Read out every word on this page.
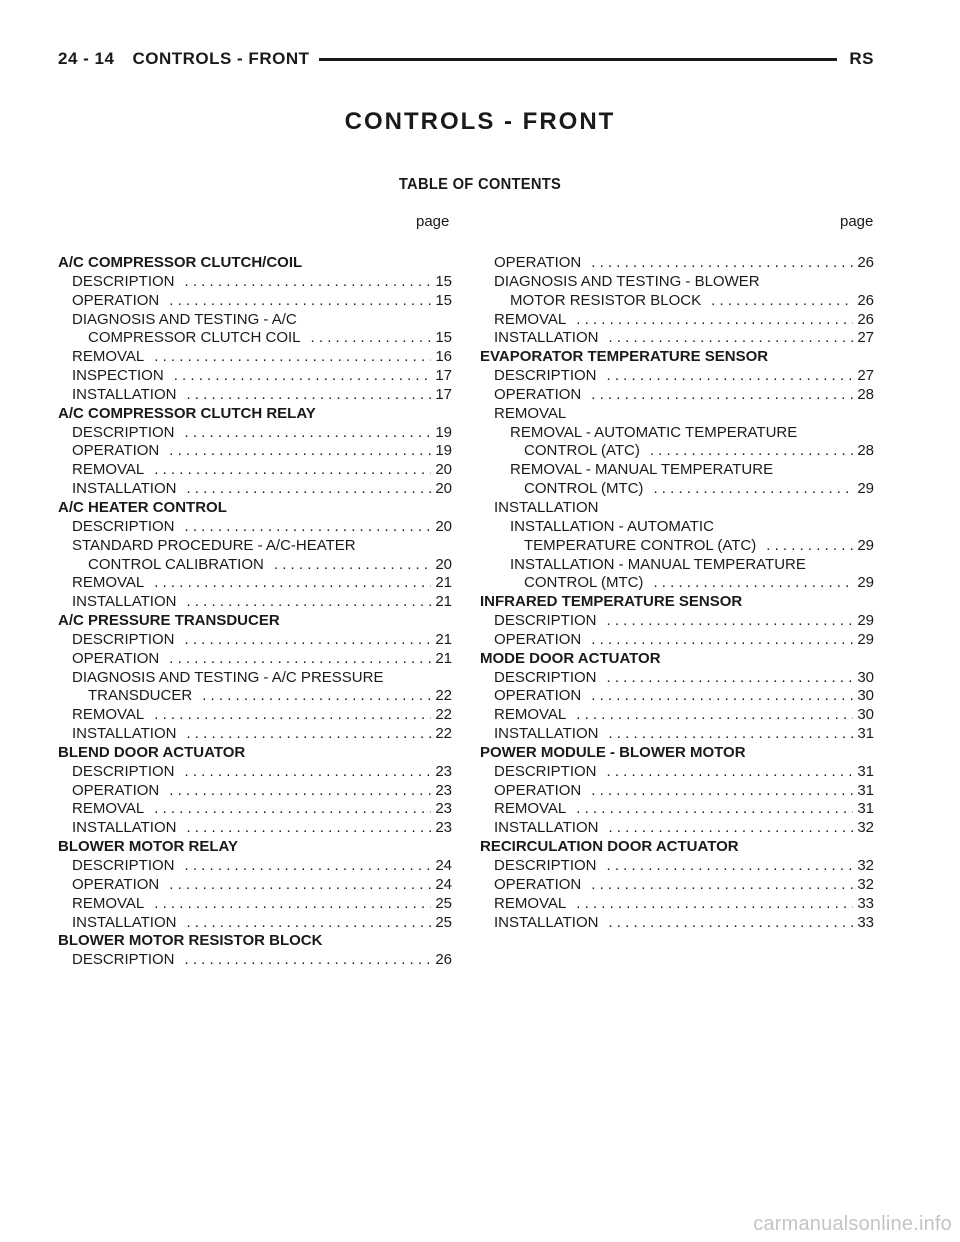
24 - 14 CONTROLS - FRONT	RS
CONTROLS - FRONT
TABLE OF CONTENTS
page	page
A/C COMPRESSOR CLUTCH/COIL
DESCRIPTION . . .	15
OPERATION . . .	15
DIAGNOSIS AND TESTING - A/C
COMPRESSOR CLUTCH COIL . . .	15
REMOVAL . . .	16
INSPECTION . . .	17
INSTALLATION . . .	17
A/C COMPRESSOR CLUTCH RELAY
DESCRIPTION . . .	19
OPERATION . . .	19
REMOVAL . . .	20
INSTALLATION . . .	20
A/C HEATER CONTROL
DESCRIPTION . . .	20
STANDARD PROCEDURE - A/C-HEATER
CONTROL CALIBRATION . . .	20
REMOVAL . . .	21
INSTALLATION . . .	21
A/C PRESSURE TRANSDUCER
DESCRIPTION . . .	21
OPERATION . . .	21
DIAGNOSIS AND TESTING - A/C PRESSURE
TRANSDUCER . . .	22
REMOVAL . . .	22
INSTALLATION . . .	22
BLEND DOOR ACTUATOR
DESCRIPTION . . .	23
OPERATION . . .	23
REMOVAL . . .	23
INSTALLATION . . .	23
BLOWER MOTOR RELAY
DESCRIPTION . . .	24
OPERATION . . .	24
REMOVAL . . .	25
INSTALLATION . . .	25
BLOWER MOTOR RESISTOR BLOCK
DESCRIPTION . . .	26
OPERATION . . .	26
DIAGNOSIS AND TESTING - BLOWER
MOTOR RESISTOR BLOCK . . .	26
REMOVAL . . .	26
INSTALLATION . . .	27
EVAPORATOR TEMPERATURE SENSOR
DESCRIPTION . . .	27
OPERATION . . .	28
REMOVAL
REMOVAL - AUTOMATIC TEMPERATURE
CONTROL (ATC) . . .	28
REMOVAL - MANUAL TEMPERATURE
CONTROL (MTC) . . .	29
INSTALLATION
INSTALLATION - AUTOMATIC
TEMPERATURE CONTROL (ATC) . . .	29
INSTALLATION - MANUAL TEMPERATURE
CONTROL (MTC) . . .	29
INFRARED TEMPERATURE SENSOR
DESCRIPTION . . .	29
OPERATION . . .	29
MODE DOOR ACTUATOR
DESCRIPTION . . .	30
OPERATION . . .	30
REMOVAL . . .	30
INSTALLATION . . .	31
POWER MODULE - BLOWER MOTOR
DESCRIPTION . . .	31
OPERATION . . .	31
REMOVAL . . .	31
INSTALLATION . . .	32
RECIRCULATION DOOR ACTUATOR
DESCRIPTION . . .	32
OPERATION . . .	32
REMOVAL . . .	33
INSTALLATION . . .	33
carmanualsonline.info
